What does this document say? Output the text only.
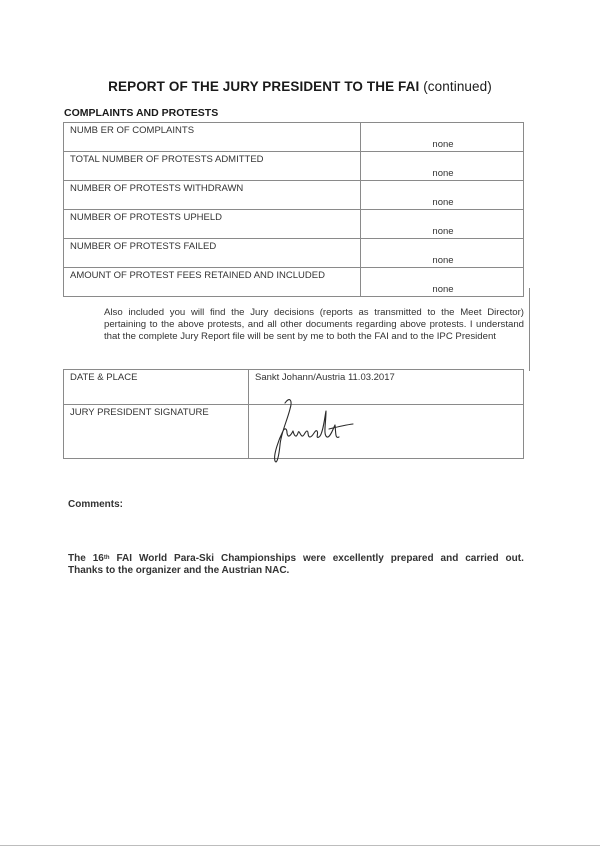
REPORT OF THE JURY PRESIDENT TO THE FAI (continued)
COMPLAINTS AND PROTESTS
NUMB ER OF COMPLAINTS	none
TOTAL NUMBER OF PROTESTS ADMITTED	none
NUMBER OF PROTESTS WITHDRAWN	none
NUMBER OF PROTESTS UPHELD	none
NUMBER OF PROTESTS FAILED	none
AMOUNT OF PROTEST FEES RETAINED AND INCLUDED	none
Also included you will find the Jury decisions (reports as transmitted to the Meet Director) pertaining to the above protests, and all other documents regarding above protests. I understand that the complete Jury Report file will be sent by me to both the FAI and to the IPC President
DATE & PLACE	Sankt Johann/Austria 11.03.2017
JURY PRESIDENT SIGNATURE	
Comments:
The 16th FAI World Para-Ski Championships were excellently prepared and carried out.
Thanks to the organizer and the Austrian NAC.
